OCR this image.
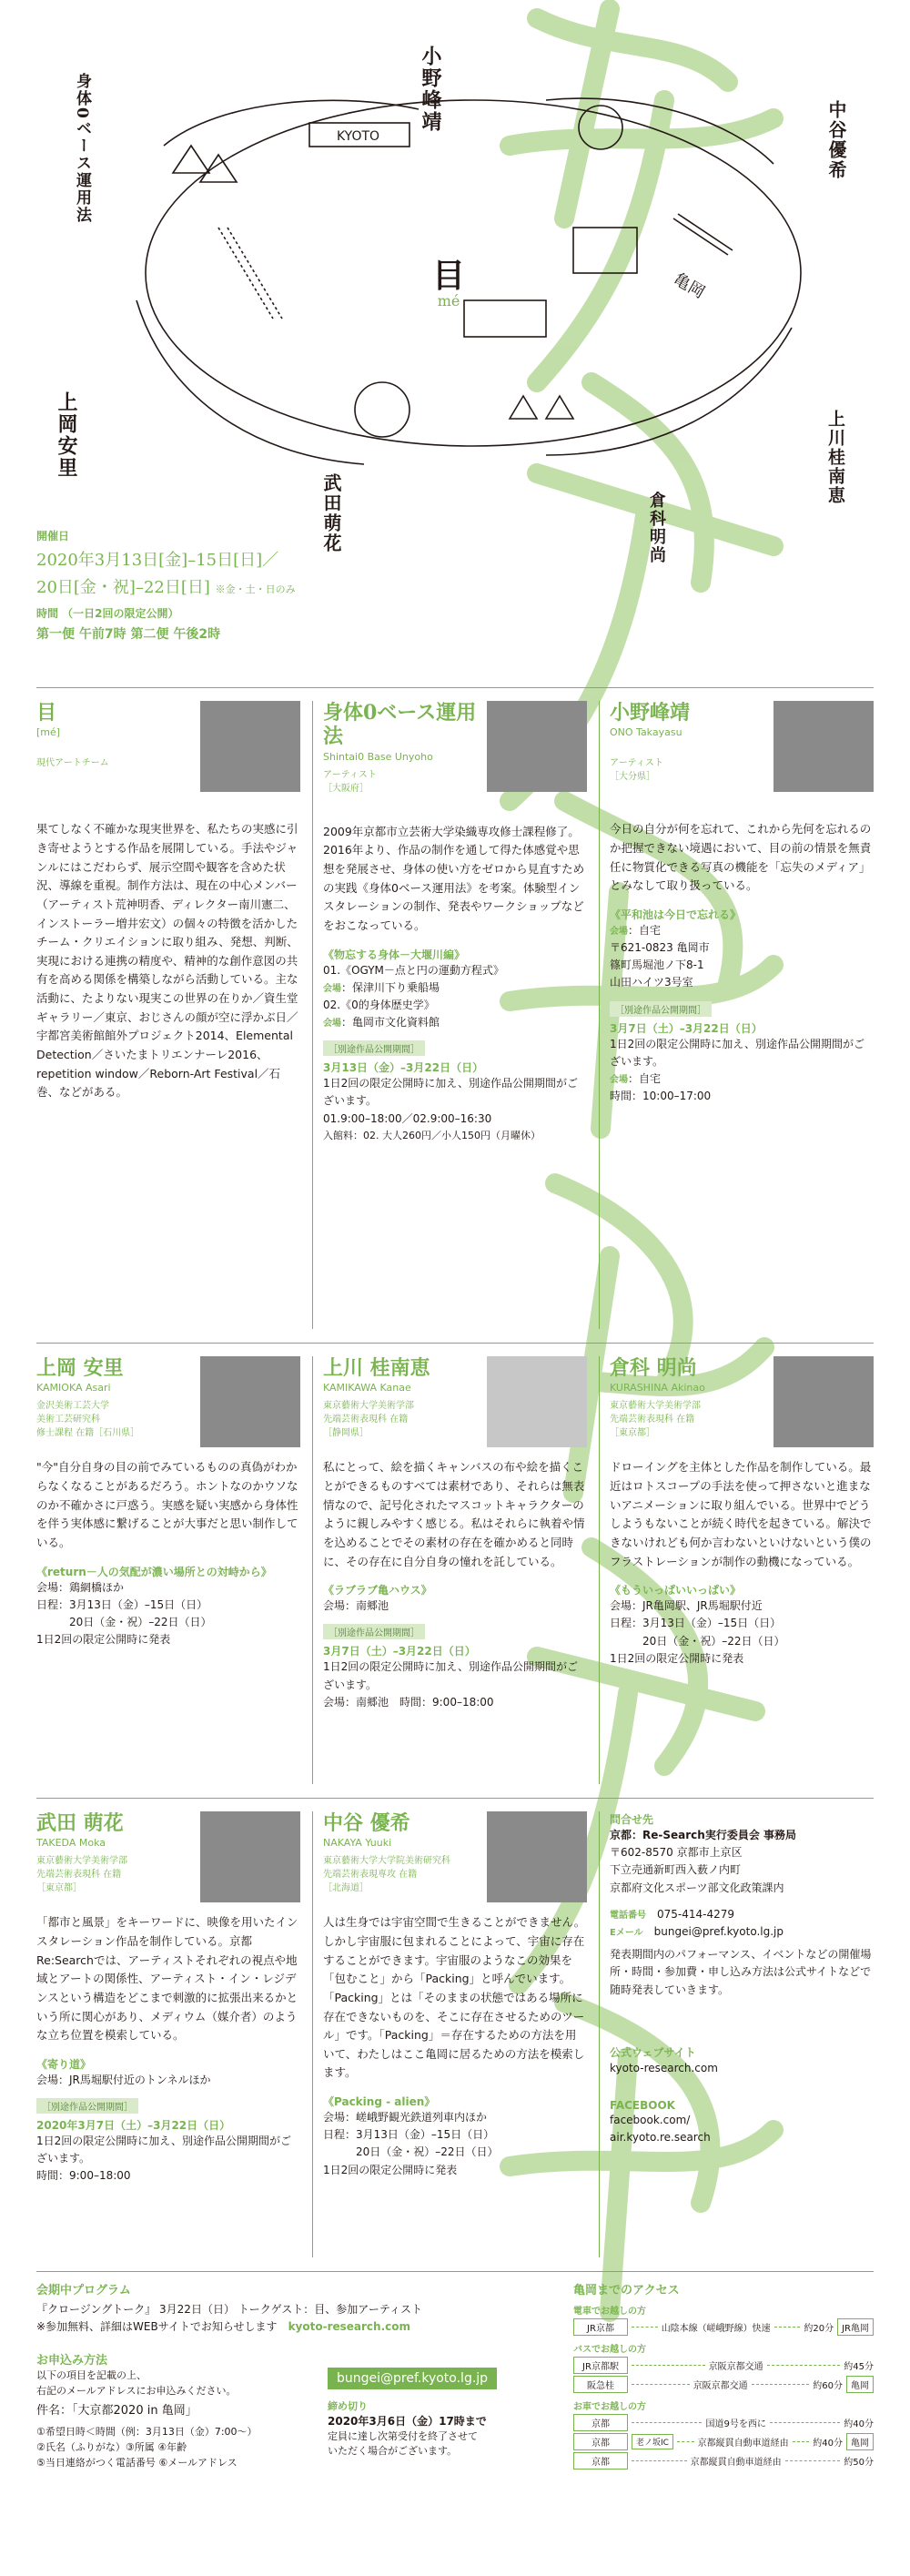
KYOTO
目
mé	亀岡
身体0ベース運用法	小野峰靖
中谷優希
上岡安里
武田萌花	倉科明尚
上川桂南恵
開催日
2020年3月13日[金]–15日[日]／
20日[金・祝]–22日[日] ※金・土・日のみ
時間 （一日2回の限定公開）
第一便 午前7時 第二便 午後2時
目
[mé]
現代アートチーム
果てしなく不確かな現実世界を、私たちの実感に引き寄せようとする作品を展開している。手法やジャンルにはこだわらず、展示空間や観客を含めた状況、導線を重視。制作方法は、現在の中心メンバー（アーティスト荒神明香、ディレクター南川憲二、インストーラー増井宏文）の個々の特徴を活かしたチーム・クリエイションに取り組み、発想、判断、実現における連携の精度や、精神的な創作意図の共有を高める関係を構築しながら活動している。主な活動に、たよりない現実この世界の在りか／資生堂ギャラリー／東京、おじさんの顔が空に浮かぶ日／宇都宮美術館館外プロジェクト2014、Elemental Detection／さいたまトリエンナーレ2016、repetition window／Reborn-Art Festival／石巻、などがある。
身体0ベース運用法
Shintai0 Base Unyoho
アーティスト
［大阪府］
2009年京都市立芸術大学染織専攻修士課程修了。2016年より、作品の制作を通して得た体感覚や思想を発展させ、身体の使い方をゼロから見直すための実践《身体0ベース運用法》を考案。体験型インスタレーションの制作、発表やワークショップなどをおこなっている。
《物忘する身体－大堰川編》
01.《OGYM－点と円の運動方程式》
会場：保津川下り乗船場
02.《0的身体歴史学》
会場：亀岡市文化資料館
［別途作品公開期間］
3月13日（金）–3月22日（日）
1日2回の限定公開時に加え、別途作品公開期間がございます。
01.9:00–18:00／02.9:00–16:30
入館料：02. 大人260円／小人150円（月曜休）
小野峰靖
ONO Takayasu
アーティスト
［大分県］
今日の自分が何を忘れて、これから先何を忘れるのか把握できない境遇において、目の前の情景を無責任に物質化できる写真の機能を「忘失のメディア」とみなして取り扱っている。
《平和池は今日で忘れる》
会場：自宅
〒621-0823 亀岡市
篠町馬堀池ノ下8-1
山田ハイツ3号室
［別途作品公開期間］
3月7日（土）–3月22日（日）
1日2回の限定公開時に加え、別途作品公開期間がございます。
会場：自宅
時間：10:00–17:00
上岡 安里
KAMIOKA Asari
金沢美術工芸大学
美術工芸研究科
修士課程 在籍［石川県］
"今"自分自身の目の前でみているものの真偽がわからなくなることがあるだろう。ホントなのかウソなのか不確かさに戸惑う。実感を疑い実感から身体性を伴う実体感に繋げることが大事だと思い制作している。
《return－人の気配が濃い場所との対峙から》
会場：鶏網橋ほか
日程：3月13日（金）–15日（日）
20日（金・祝）–22日（日）
1日2回の限定公開時に発表
上川 桂南恵
KAMIKAWA Kanae
東京藝術大学美術学部
先端芸術表現科 在籍
［静岡県］
私にとって、絵を描くキャンバスの布や絵を描くことができるものすべては素材であり、それらは無表情なので、記号化されたマスコットキャラクターのように親しみやすく感じる。私はそれらに執着や情を込めることでその素材の存在を確かめると同時に、その存在に自分自身の憧れを託している。
《ラブラブ亀ハウス》
会場：南郷池
［別途作品公開期間］
3月7日（土）–3月22日（日）
1日2回の限定公開時に加え、別途作品公開期間がございます。
会場：南郷池　時間：9:00–18:00
倉科 明尚
KURASHINA Akinao
東京藝術大学美術学部
先端芸術表現科 在籍
［東京都］
ドローイングを主体とした作品を制作している。最近はロトスコープの手法を使って押さないと進まないアニメーションに取り組んでいる。世界中でどうしようもないことが続く時代を起きている。解決できないけれども何か言わないといけないという僕のフラストレーションが制作の動機になっている。
《もういっぱいいっぱい》
会場：JR亀岡駅、JR馬堀駅付近
日程：3月13日（金）–15日（日）
20日（金・祝）–22日（日）
1日2回の限定公開時に発表
武田 萌花
TAKEDA Moka
東京藝術大学美術学部
先端芸術表現科 在籍
［東京都］
「都市と風景」をキーワードに、映像を用いたインスタレーション作品を制作している。京都Re:Searchでは、アーティストそれぞれの視点や地域とアートの関係性、アーティスト・イン・レジデンスという構造をどこまで刺激的に拡張出来るかという所に関心があり、メディウム（媒介者）のような立ち位置を模索している。
《寄り道》
会場：JR馬堀駅付近のトンネルほか
［別途作品公開期間］
2020年3月7日（土）–3月22日（日）
1日2回の限定公開時に加え、別途作品公開期間がございます。
時間：9:00–18:00
中谷 優希
NAKAYA Yuuki
東京藝術大学大学院美術研究科
先端芸術表現専攻 在籍
［北海道］
人は生身では宇宙空間で生きることができません。しかし宇宙服に包まれることによって、宇宙に存在することができます。宇宙服のようなこの効果を「包むこと」から「Packing」と呼んでいます。「Packing」とは「そのままの状態ではある場所に存在できないものを、そこに存在させるためのツール」です。「Packing」＝存在するための方法を用いて、わたしはここ亀岡に居るための方法を模索します。
《Packing - alien》
会場：嵯峨野観光鉄道列車内ほか
日程：3月13日（金）–15日（日）
20日（金・祝）–22日（日）
1日2回の限定公開時に発表
問合せ先
京都：Re-Search実行委員会 事務局
〒602-8570 京都市上京区
下立売通新町西入薮ノ内町
京都府文化スポーツ部文化政策課内
電話番号　 075-414-4279
Eメール　 bungei@pref.kyoto.lg.jp
発表期間内のパフォーマンス、イベントなどの開催場所・時間・参加費・申し込み方法は公式サイトなどで随時発表していきます。
公式ウェブサイト
kyoto-research.com
FACEBOOK
facebook.com/
air.kyoto.re.search
会期中プログラム
『クロージングトーク』 3月22日（日） トークゲスト：目、参加アーティスト
※参加無料、詳細はWEBサイトでお知らせします　 kyoto-research.com
お申込み方法
以下の項目を記載の上、
右記のメールアドレスにお申込みください。
件名：「大京都2020 in 亀岡」
①希望日時＜時間（例：3月13日（金）7:00〜）
②氏名（ふりがな）③所属 ④年齢
⑤当日連絡がつく電話番号 ⑥メールアドレス
bungei@pref.kyoto.lg.jp
締め切り
2020年3月6日（金）17時まで
定員に達し次第受付を終了させて
いただく場合がございます。
亀岡までのアクセス
電車でお越しの方
JR京都	山陰本線（嵯峨野線）快速	約20分 JR亀岡
バスでお越しの方
JR京都駅	京阪京都交通	約45分
阪急桂	京阪京都交通	約60分 亀岡
お車でお越しの方
京都	国道9号を西に	約40分
京都	老ノ坂IC	京都縦貫自動車道経由	約40分 亀岡
京都	京都縦貫自動車道経由	約50分
